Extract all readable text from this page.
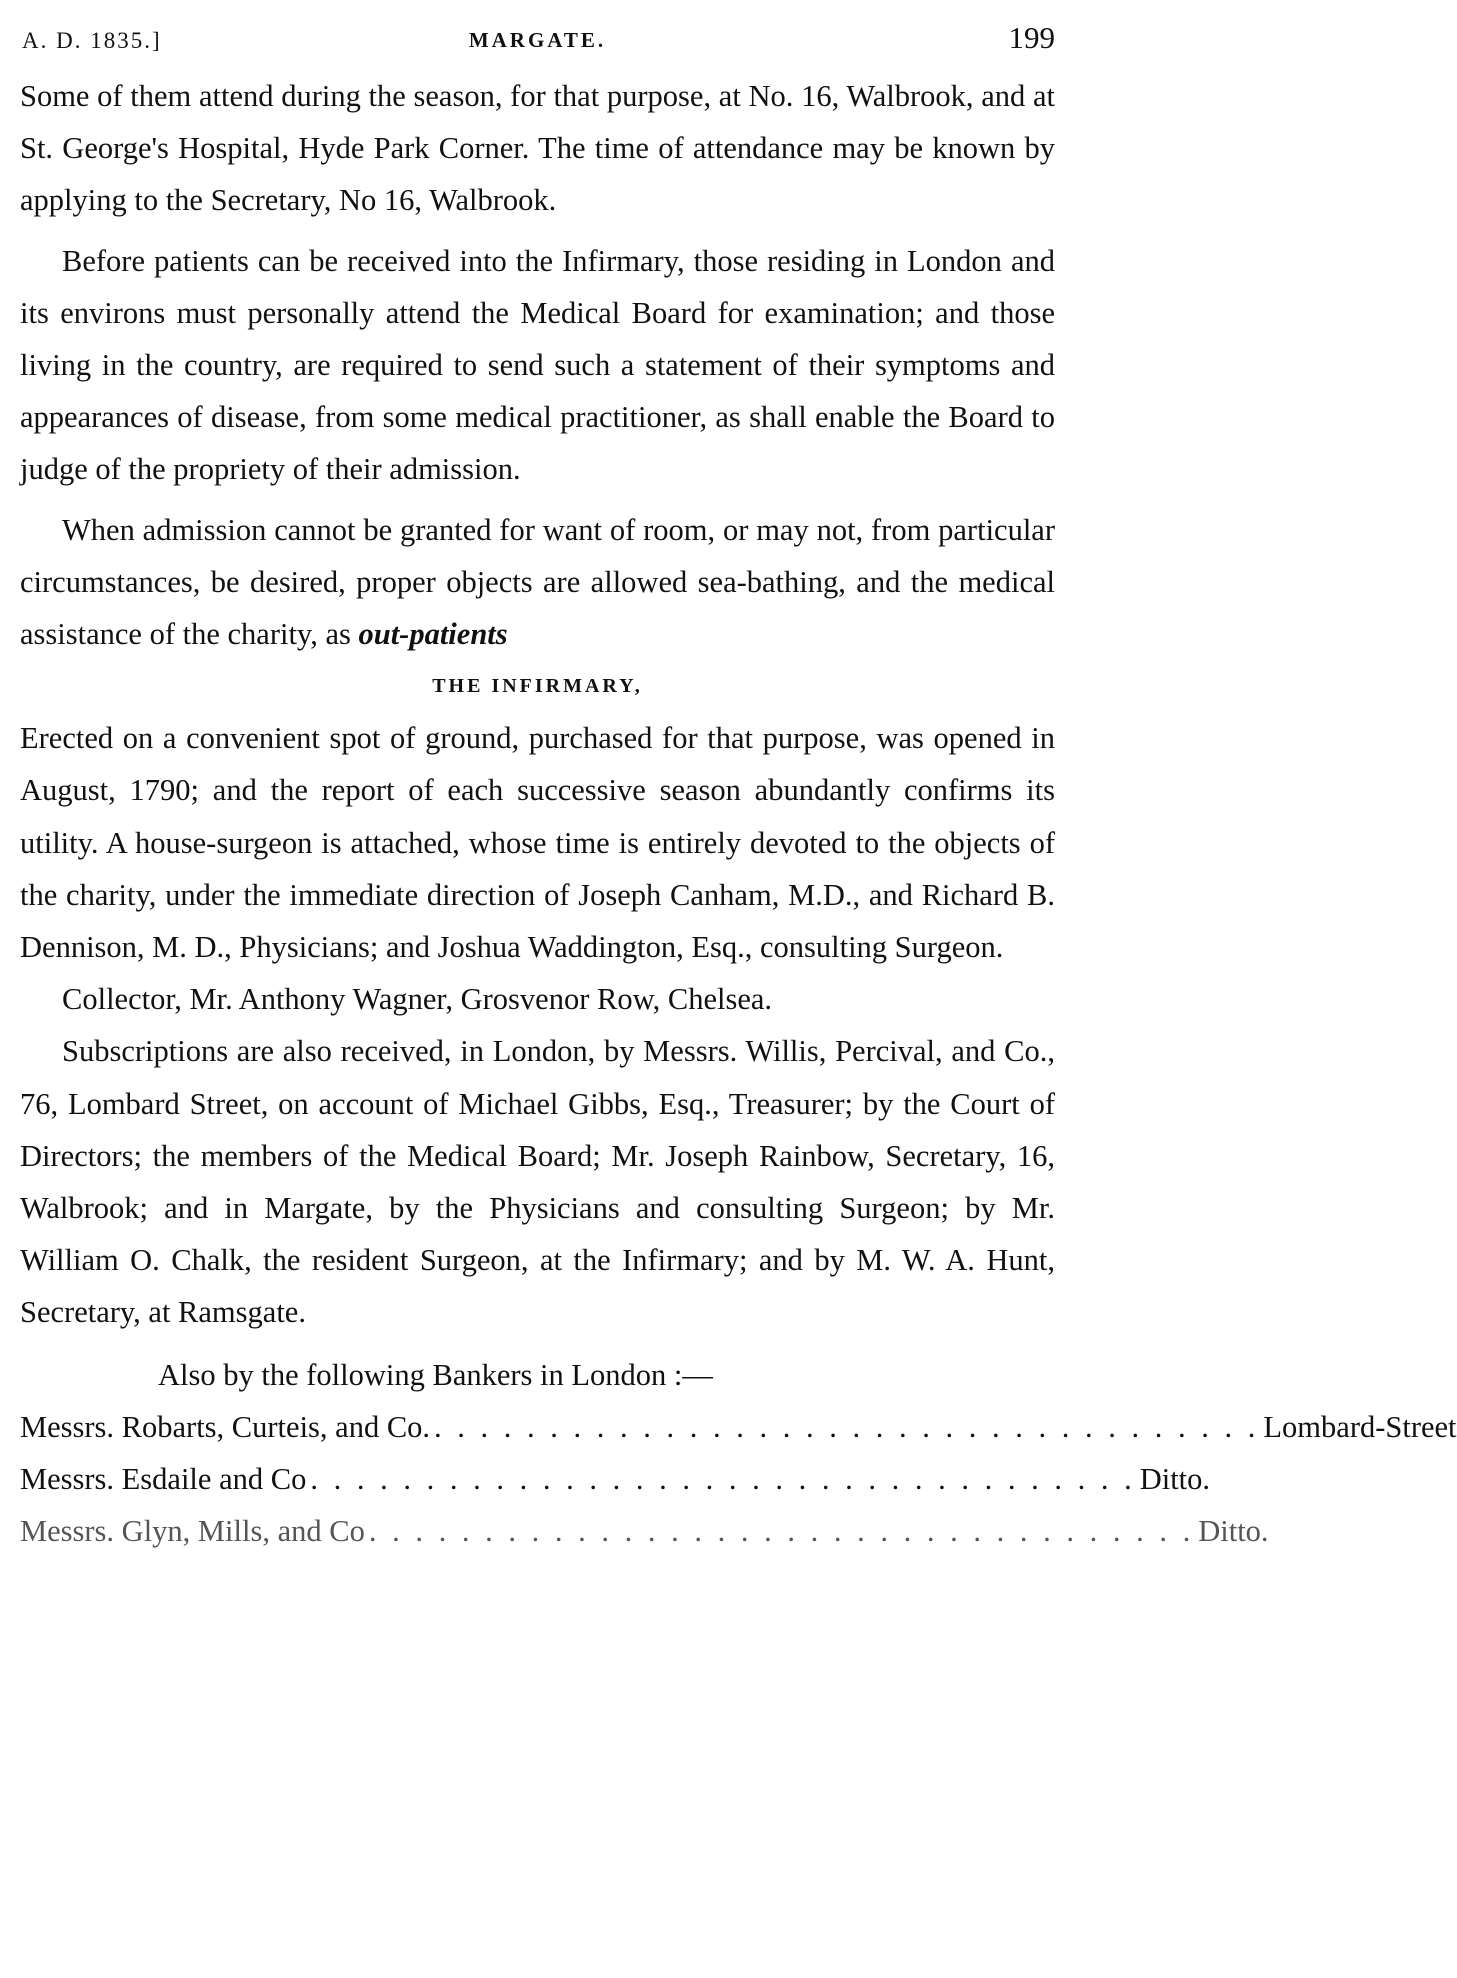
A. D. 1835.]	MARGATE.	199

Some of them attend during the season, for that purpose, at No. 16, Walbrook, and at St. George's Hospital, Hyde Park Corner. The time of attendance may be known by applying to the Secretary, No 16, Walbrook.

Before patients can be received into the Infirmary, those residing in London and its environs must personally attend the Medical Board for examination; and those living in the country, are required to send such a statement of their symptoms and appearances of disease, from some medical practitioner, as shall enable the Board to judge of the propriety of their admission.

When admission cannot be granted for want of room, or may not, from particular circumstances, be desired, proper objects are allowed sea-bathing, and the medical assistance of the charity, as out-patients

THE INFIRMARY,

Erected on a convenient spot of ground, purchased for that purpose, was opened in August, 1790; and the report of each successive season abundantly confirms its utility. A house-surgeon is attached, whose time is entirely devoted to the objects of the charity, under the immediate direction of Joseph Canham, M.D., and Richard B. Dennison, M. D., Physicians; and Joshua Waddington, Esq., consulting Surgeon.

Collector, Mr. Anthony Wagner, Grosvenor Row, Chelsea.

Subscriptions are also received, in London, by Messrs. Willis, Percival, and Co., 76, Lombard Street, on account of Michael Gibbs, Esq., Treasurer; by the Court of Directors; the members of the Medical Board; Mr. Joseph Rainbow, Secretary, 16, Walbrook; and in Margate, by the Physicians and consulting Surgeon; by Mr. William O. Chalk, the resident Surgeon, at the Infirmary; and by M. W. A. Hunt, Secretary, at Ramsgate.

Also by the following Bankers in London :—

Messrs. Robarts, Curteis, and Co. . . . . . . . . . . . . . . . . . . . . . . . . . . . . . . . . . . . . Lombard-Street
Messrs. Esdaile and Co . . . . . . . . . . . . . . . . . . . . . . . . . . . . . . . . . . . . Ditto.
Messrs. Glyn, Mills, and Co . . . . . . . . . . . . . . . . . . . . . . . . . . . . . . . . . . . . Ditto.
